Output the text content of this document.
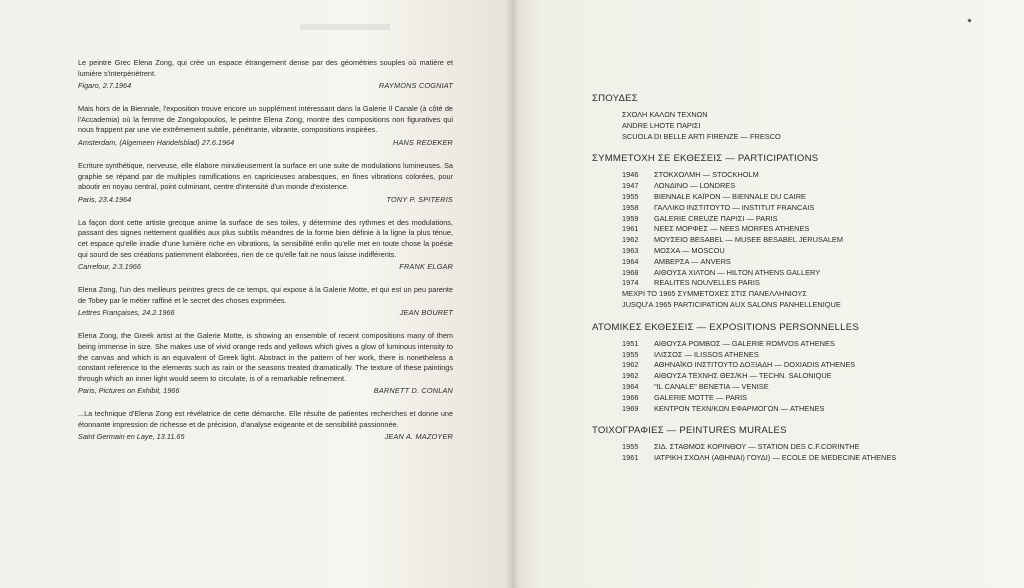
Le peintre Grec Elena Zong, qui crée un espace étrangement dense par des géométries souples où matière et lumière s'interpénètrent.
Figaro, 2.7.1964	RAYMONS COGNIAT
Mais hors de la Biennale, l'exposition trouve encore un supplément intéressant dans la Galerie Il Canale (à côté de l'Accademia) où la femme de Zongolopoulos, le peintre Elena Zong, montre des compositions non figuratives qui nous frappent par une vie extrêmement subtile, pénétrante, vibrante, compositions inspirées.
Amsterdam, (Algemeen Handelsblad) 27.6.1964	HANS REDEKER
Ecriture synthétique, nerveuse, elle élabore minutieusement la surface en une suite de modulations lumineuses. Sa graphie se répand par de multiples ramifications en capricieuses arabesques, en fines vibrations colorées, pour aboutir en noyau central, point culminant, centre d'intensité d'un monde d'existence.
Paris, 23.4.1964	TONY P. SPITERIS
La façon dont cette artiste grecque anime la surface de ses toiles, y détermine des rythmes et des modulations, passant des signes nettement qualifiés aux plus subtils méandres de la forme bien définie à la ligne la plus ténue, cet espace qu'elle irradie d'une lumière riche en vibrations, la sensibilité enfin qu'elle met en toute chose la poésie qui sourd de ses créations patiemment élaborées, rien de ce qu'elle fait ne nous laisse indifférents.
Carrefour, 2.3.1966	FRANK ELGAR
Elena Zong, l'un des meilleurs peintres grecs de ce temps, qui expose à la Galerie Motte, et qui est un peu parente de Tobey par le métier raffiné et le secret des choses exprimées.
Lettres Françaises, 24.2.1966	JEAN BOURET
Elena Zong, the Greek artist at the Galerie Motte, is showing an ensemble of recent compositions many of them being immense in size. She makes use of vivid orange reds and yellows which gives a glow of luminous intensity to the canvas and which is an equivalent of Greek light. Abstract in the pattern of her work, there is nonetheless a constant reference to the elements such as rain or the seasons treated dramatically. The texture of these paintings through which an inner light would seem to circulate, is of a remarkable refinement.
Paris, Pictures on Exhibit, 1966	BARNETT D. CONLAN
...La technique d'Elena Zong est révélatrice de cette démarche. Elle résulte de patientes recherches et donne une étonnante impression de richesse et de précision, d'analyse exigeante et de sensibilité passionnée.
Saint Germain en Laye, 13.11.65	JEAN A. MAZOYER
ΣΠΟΥΔΕΣ
ΣΧΟΛΗ ΚΑΛΩΝ ΤΕΧΝΩΝ
ANDRE LHOTE ΠΑΡΙΣΙ
SCUOLA DI BELLE ARTI FIRENZE — FRESCO
ΣΥΜΜΕΤΟΧΗ ΣΕ ΕΚΘΕΣΕΙΣ — PARTICIPATIONS
1946	ΣΤΟΚΧΟΛΜΗ — STOCKHOLM
1947	ΛΟΝΔΙΝΟ — LONDRES
1955	BIENNALE ΚΑΪΡΟΝ — BIENNALE DU CAIRE
1958	ΓΑΛΛΙΚΟ ΙΝΣΤΙΤΟΥΤΟ — INSTITUT FRANCAIS
1959	GALERIE CREUZE ΠΑΡΙΣΙ — PARIS
1961	ΝΕΕΣ ΜΟΡΦΕΣ — NEES MORFES ATHENES
1962	ΜΟΥΣΕΙΟ BESABEL — MUSEE BESABEL JERUSALEM
1963	ΜΟΣΧΑ — MOSCOU
1964	ΑΜΒΕΡΣΑ — ANVERS
1968	ΑΙΘΟΥΣΑ ΧΙΛΤΟΝ — HILTON ATHENS GALLERY
1974	REALITES NOUVELLES PARIS
ΜΕΧΡΙ ΤΟ 1965 ΣΥΜΜΕΤΟΧΕΣ ΣΤΙΣ ΠΑΝΕΛΛΗΝΙΟΥΣ
JUSQU'A 1965 PARTICIPATION AUX SALONS PANHELLENIQUE
ΑΤΟΜΙΚΕΣ ΕΚΘΕΣΕΙΣ — EXPOSITIONS PERSONNELLES
1951	ΑΙΘΟΥΣΑ ΡΟΜΒΟΣ — GALERIE ROMVOS ATHENES
1955	ΙΛΙΣΣΟΣ — ILISSOS ATHENES
1962	ΑΘΗΝΑΪΚΟ ΙΝΣΤΙΤΟΥΤΟ ΔΟΞΙΑΔΗ — DOXIADIS ATHENES
1962	ΑΙΘΟΥΣΑ ΤΕΧΝΗΣ ΘΕΣ/ΚΗ — TECHN. SALONIQUE
1964	"IL CANALE" ΒΕΝΕΤΙΑ — VENISE
1966	GALERIE MOTTE — PARIS
1969	ΚΕΝΤΡΟΝ ΤΕΧΝ/ΚΩΝ ΕΦΑΡΜΟΓΩΝ — ATHENES
ΤΟΙΧΟΓΡΑΦΙΕΣ — PEINTURES MURALES
1955	ΣΙΔ. ΣΤΑΘΜΟΣ ΚΟΡΙΝΘΟΥ — STATION DES C.F.CORINTHE
1961	ΙΑΤΡΙΚΗ ΣΧΟΛΗ (ΑΘΗΝΑΙ) ΓΟΥΔΙ) — ECOLE DE MEDECINE ATHENES
